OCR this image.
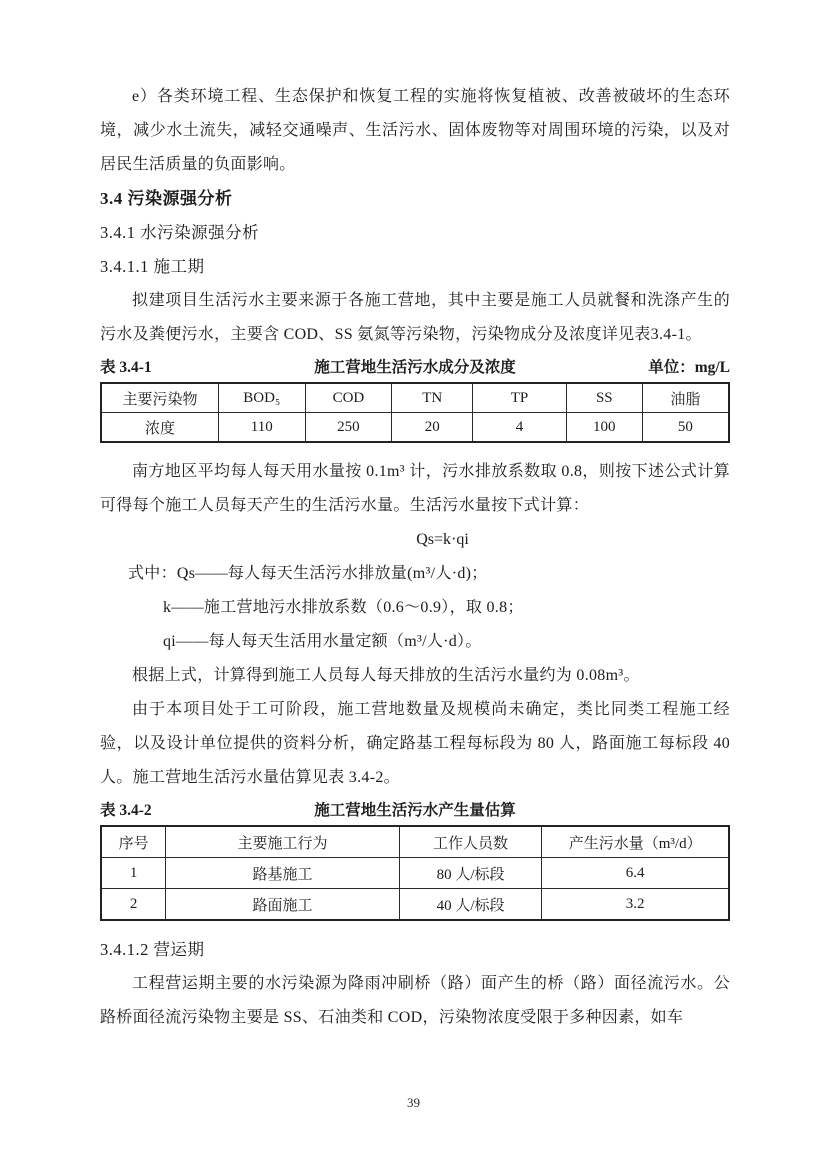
e）各类环境工程、生态保护和恢复工程的实施将恢复植被、改善被破坏的生态环境，减少水土流失，减轻交通噪声、生活污水、固体废物等对周围环境的污染，以及对居民生活质量的负面影响。

3.4 污染源强分析
3.4.1 水污染源强分析
3.4.1.1 施工期

拟建项目生活污水主要来源于各施工营地，其中主要是施工人员就餐和洗涤产生的污水及粪便污水，主要含 COD、SS 氨氮等污染物，污染物成分及浓度详见表3.4-1。

表 3.4-1	施工营地生活污水成分及浓度	单位：mg/L
主要污染物	BOD₅	COD	TN	TP	SS	油脂
浓度	110	250	20	4	100	50

南方地区平均每人每天用水量按 0.1m³ 计，污水排放系数取 0.8，则按下述公式计算可得每个施工人员每天产生的生活污水量。生活污水量按下式计算：

Qs=k·qi

式中：Qs——每人每天生活污水排放量(m³/人·d)；

k——施工营地污水排放系数（0.6～0.9），取 0.8；

qi——每人每天生活用水量定额（m³/人·d）。

根据上式，计算得到施工人员每人每天排放的生活污水量约为 0.08m³。

由于本项目处于工可阶段，施工营地数量及规模尚未确定，类比同类工程施工经验，以及设计单位提供的资料分析，确定路基工程每标段为 80 人，路面施工每标段 40 人。施工营地生活污水量估算见表 3.4-2。

表 3.4-2	施工营地生活污水产生量估算
序号	主要施工行为	工作人员数	产生污水量（m³/d）
1	路基施工	80 人/标段	6.4
2	路面施工	40 人/标段	3.2
3.4.1.2 营运期

工程营运期主要的水污染源为降雨冲刷桥（路）面产生的桥（路）面径流污水。公路桥面径流污染物主要是 SS、石油类和 COD，污染物浓度受限于多种因素，如车

39
